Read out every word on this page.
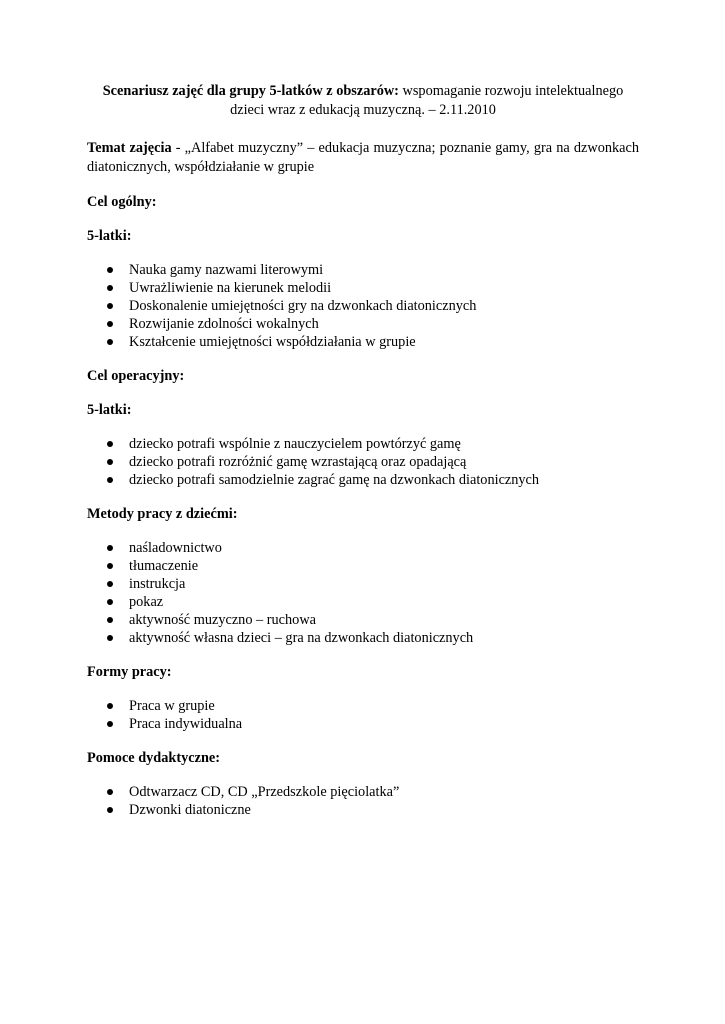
Scenariusz zajęć dla grupy 5-latków z obszarów: wspomaganie rozwoju intelektualnego dzieci wraz z edukacją muzyczną. – 2.11.2010
Temat zajęcia - „Alfabet muzyczny” – edukacja muzyczna; poznanie gamy, gra na dzwonkach diatonicznych, współdziałanie w grupie
Cel ogólny:
5-latki:
Nauka gamy nazwami literowymi
Uwrażliwienie na kierunek melodii
Doskonalenie umiejętności gry na dzwonkach diatonicznych
Rozwijanie zdolności wokalnych
Kształcenie umiejętności współdziałania w grupie
Cel operacyjny:
5-latki:
dziecko potrafi wspólnie z nauczycielem powtórzyć gamę
dziecko potrafi rozróżnić gamę wzrastającą oraz opadającą
dziecko potrafi samodzielnie zagrać gamę na dzwonkach diatonicznych
Metody pracy z dziećmi:
naśladownictwo
tłumaczenie
instrukcja
pokaz
aktywność muzyczno – ruchowa
aktywność własna dzieci – gra na dzwonkach diatonicznych
Formy pracy:
Praca w grupie
Praca indywidualna
Pomoce dydaktyczne:
Odtwarzacz CD, CD „Przedszkole pięciolatka”
Dzwonki diatoniczne
